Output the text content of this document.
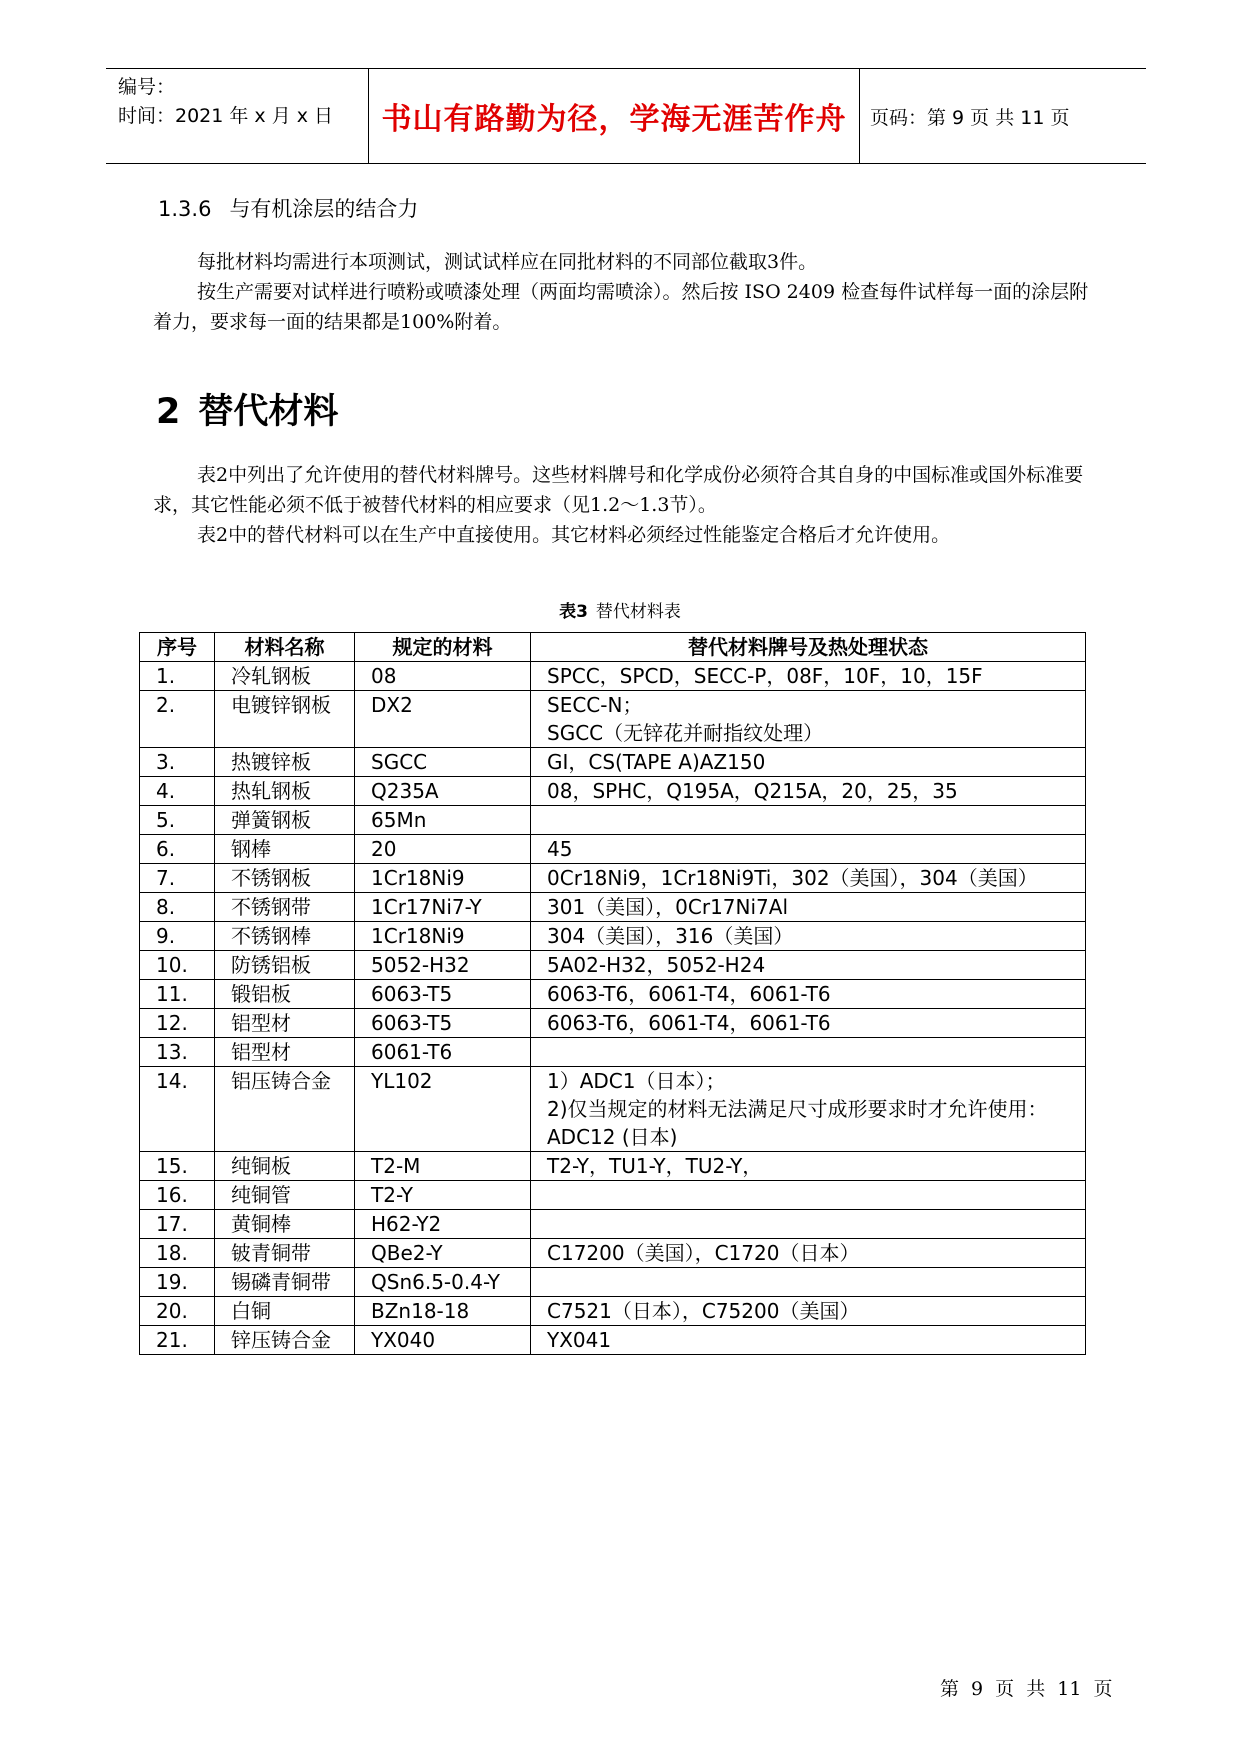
编号：
时间：2021 年 x 月 x 日	书山有路勤为径，学海无涯苦作舟	页码：第 9 页 共 11 页
1.3.6 与有机涂层的结合力

每批材料均需进行本项测试，测试试样应在同批材料的不同部位截取3件。

按生产需要对试样进行喷粉或喷漆处理（两面均需喷涂）。然后按 ISO 2409 检查每件试样每一面的涂层附着力，要求每一面的结果都是100%附着。

2 替代材料

表2中列出了允许使用的替代材料牌号。这些材料牌号和化学成份必须符合其自身的中国标准或国外标准要求，其它性能必须不低于被替代材料的相应要求（见1.2～1.3节）。

表2中的替代材料可以在生产中直接使用。其它材料必须经过性能鉴定合格后才允许使用。

表3 替代材料表
序号	材料名称	规定的材料	替代材料牌号及热处理状态
1.	冷轧钢板	08	SPCC，SPCD，SECC-P，08F，10F，10，15F

2.	电镀锌钢板	DX2	SECC-N；
SGCC（无锌花并耐指纹处理）

3.	热镀锌板	SGCC	GI，CS(TAPE A)AZ150

4.	热轧钢板	Q235A	08，SPHC，Q195A，Q215A，20，25，35

5.	弹簧钢板	65Mn	

6.	钢棒	20	45

7.	不锈钢板	1Cr18Ni9	0Cr18Ni9，1Cr18Ni9Ti，302（美国），304（美国）

8.	不锈钢带	1Cr17Ni7-Y	301（美国），0Cr17Ni7Al

9.	不锈钢棒	1Cr18Ni9	304（美国），316（美国）

10.	防锈铝板	5052-H32	5A02-H32，5052-H24

11.	锻铝板	6063-T5	6063-T6，6061-T4，6061-T6

12.	铝型材	6063-T5	6063-T6，6061-T4，6061-T6

13.	铝型材	6061-T6	

14.	铝压铸合金	YL102	1）ADC1（日本）；
2)仅当规定的材料无法满足尺寸成形要求时才允许使用：
ADC12 (日本)

15.	纯铜板	T2-M	T2-Y，TU1-Y，TU2-Y，

16.	纯铜管	T2-Y	

17.	黄铜棒	H62-Y2	

18.	铍青铜带	QBe2-Y	C17200（美国），C1720（日本）

19.	锡磷青铜带	QSn6.5-0.4-Y	

20.	白铜	BZn18-18	C7521（日本），C75200（美国）

21.	锌压铸合金	YX040	YX041
第 9 页 共 11 页
